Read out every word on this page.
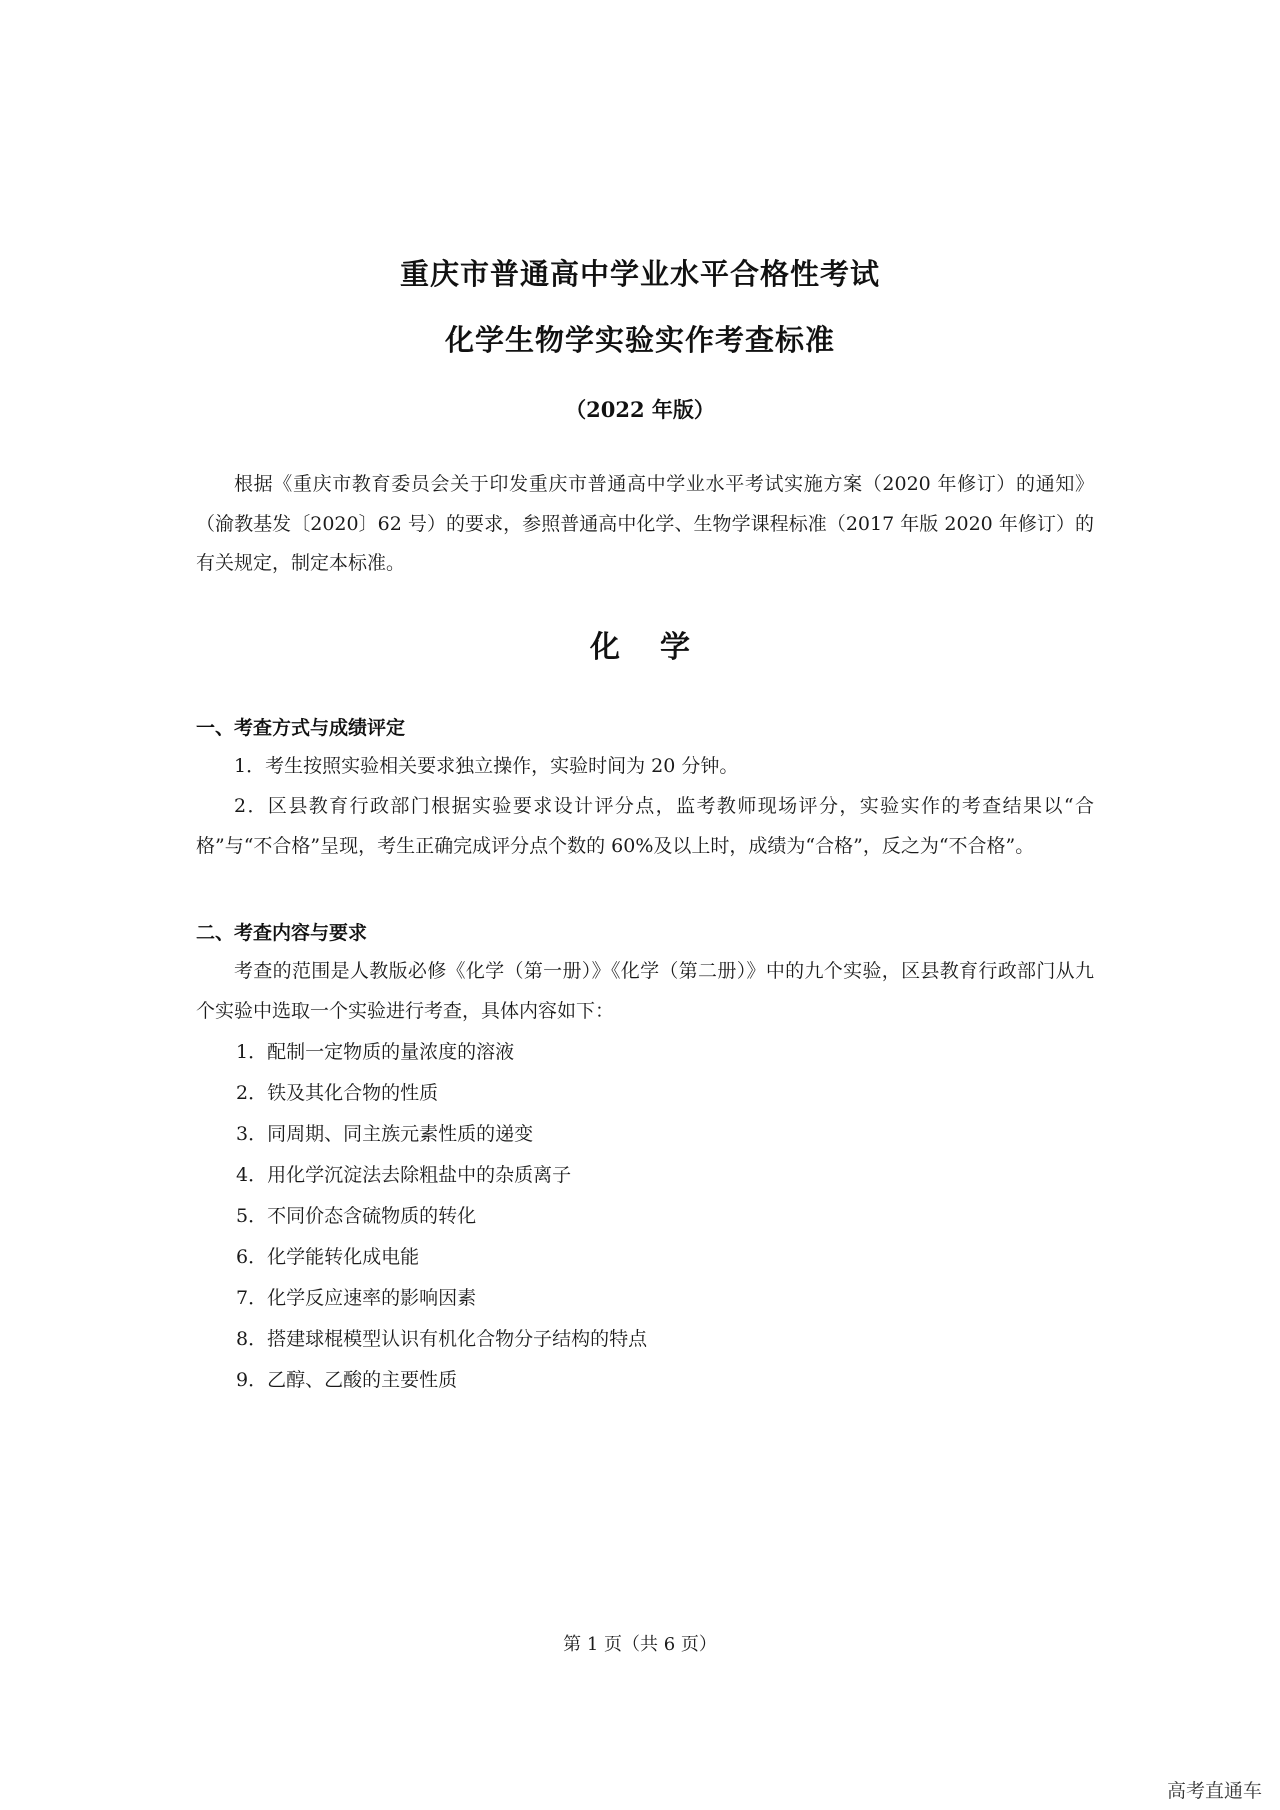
重庆市普通高中学业水平合格性考试
化学生物学实验实作考查标准
（2022 年版）
根据《重庆市教育委员会关于印发重庆市普通高中学业水平考试实施方案（2020 年修订）的通知》（渝教基发〔2020〕62 号）的要求，参照普通高中化学、生物学课程标准（2017 年版 2020 年修订）的有关规定，制定本标准。
化学
一、考查方式与成绩评定
1．考生按照实验相关要求独立操作，实验时间为 20 分钟。
2．区县教育行政部门根据实验要求设计评分点，监考教师现场评分，实验实作的考查结果以“合格”与“不合格”呈现，考生正确完成评分点个数的 60%及以上时，成绩为“合格”，反之为“不合格”。
二、考查内容与要求
考查的范围是人教版必修《化学（第一册）》《化学（第二册）》中的九个实验，区县教育行政部门从九个实验中选取一个实验进行考查，具体内容如下：
1．配制一定物质的量浓度的溶液
2．铁及其化合物的性质
3．同周期、同主族元素性质的递变
4．用化学沉淀法去除粗盐中的杂质离子
5．不同价态含硫物质的转化
6．化学能转化成电能
7．化学反应速率的影响因素
8．搭建球棍模型认识有机化合物分子结构的特点
9．乙醇、乙酸的主要性质
第 1 页（共 6 页）
高考直通车
